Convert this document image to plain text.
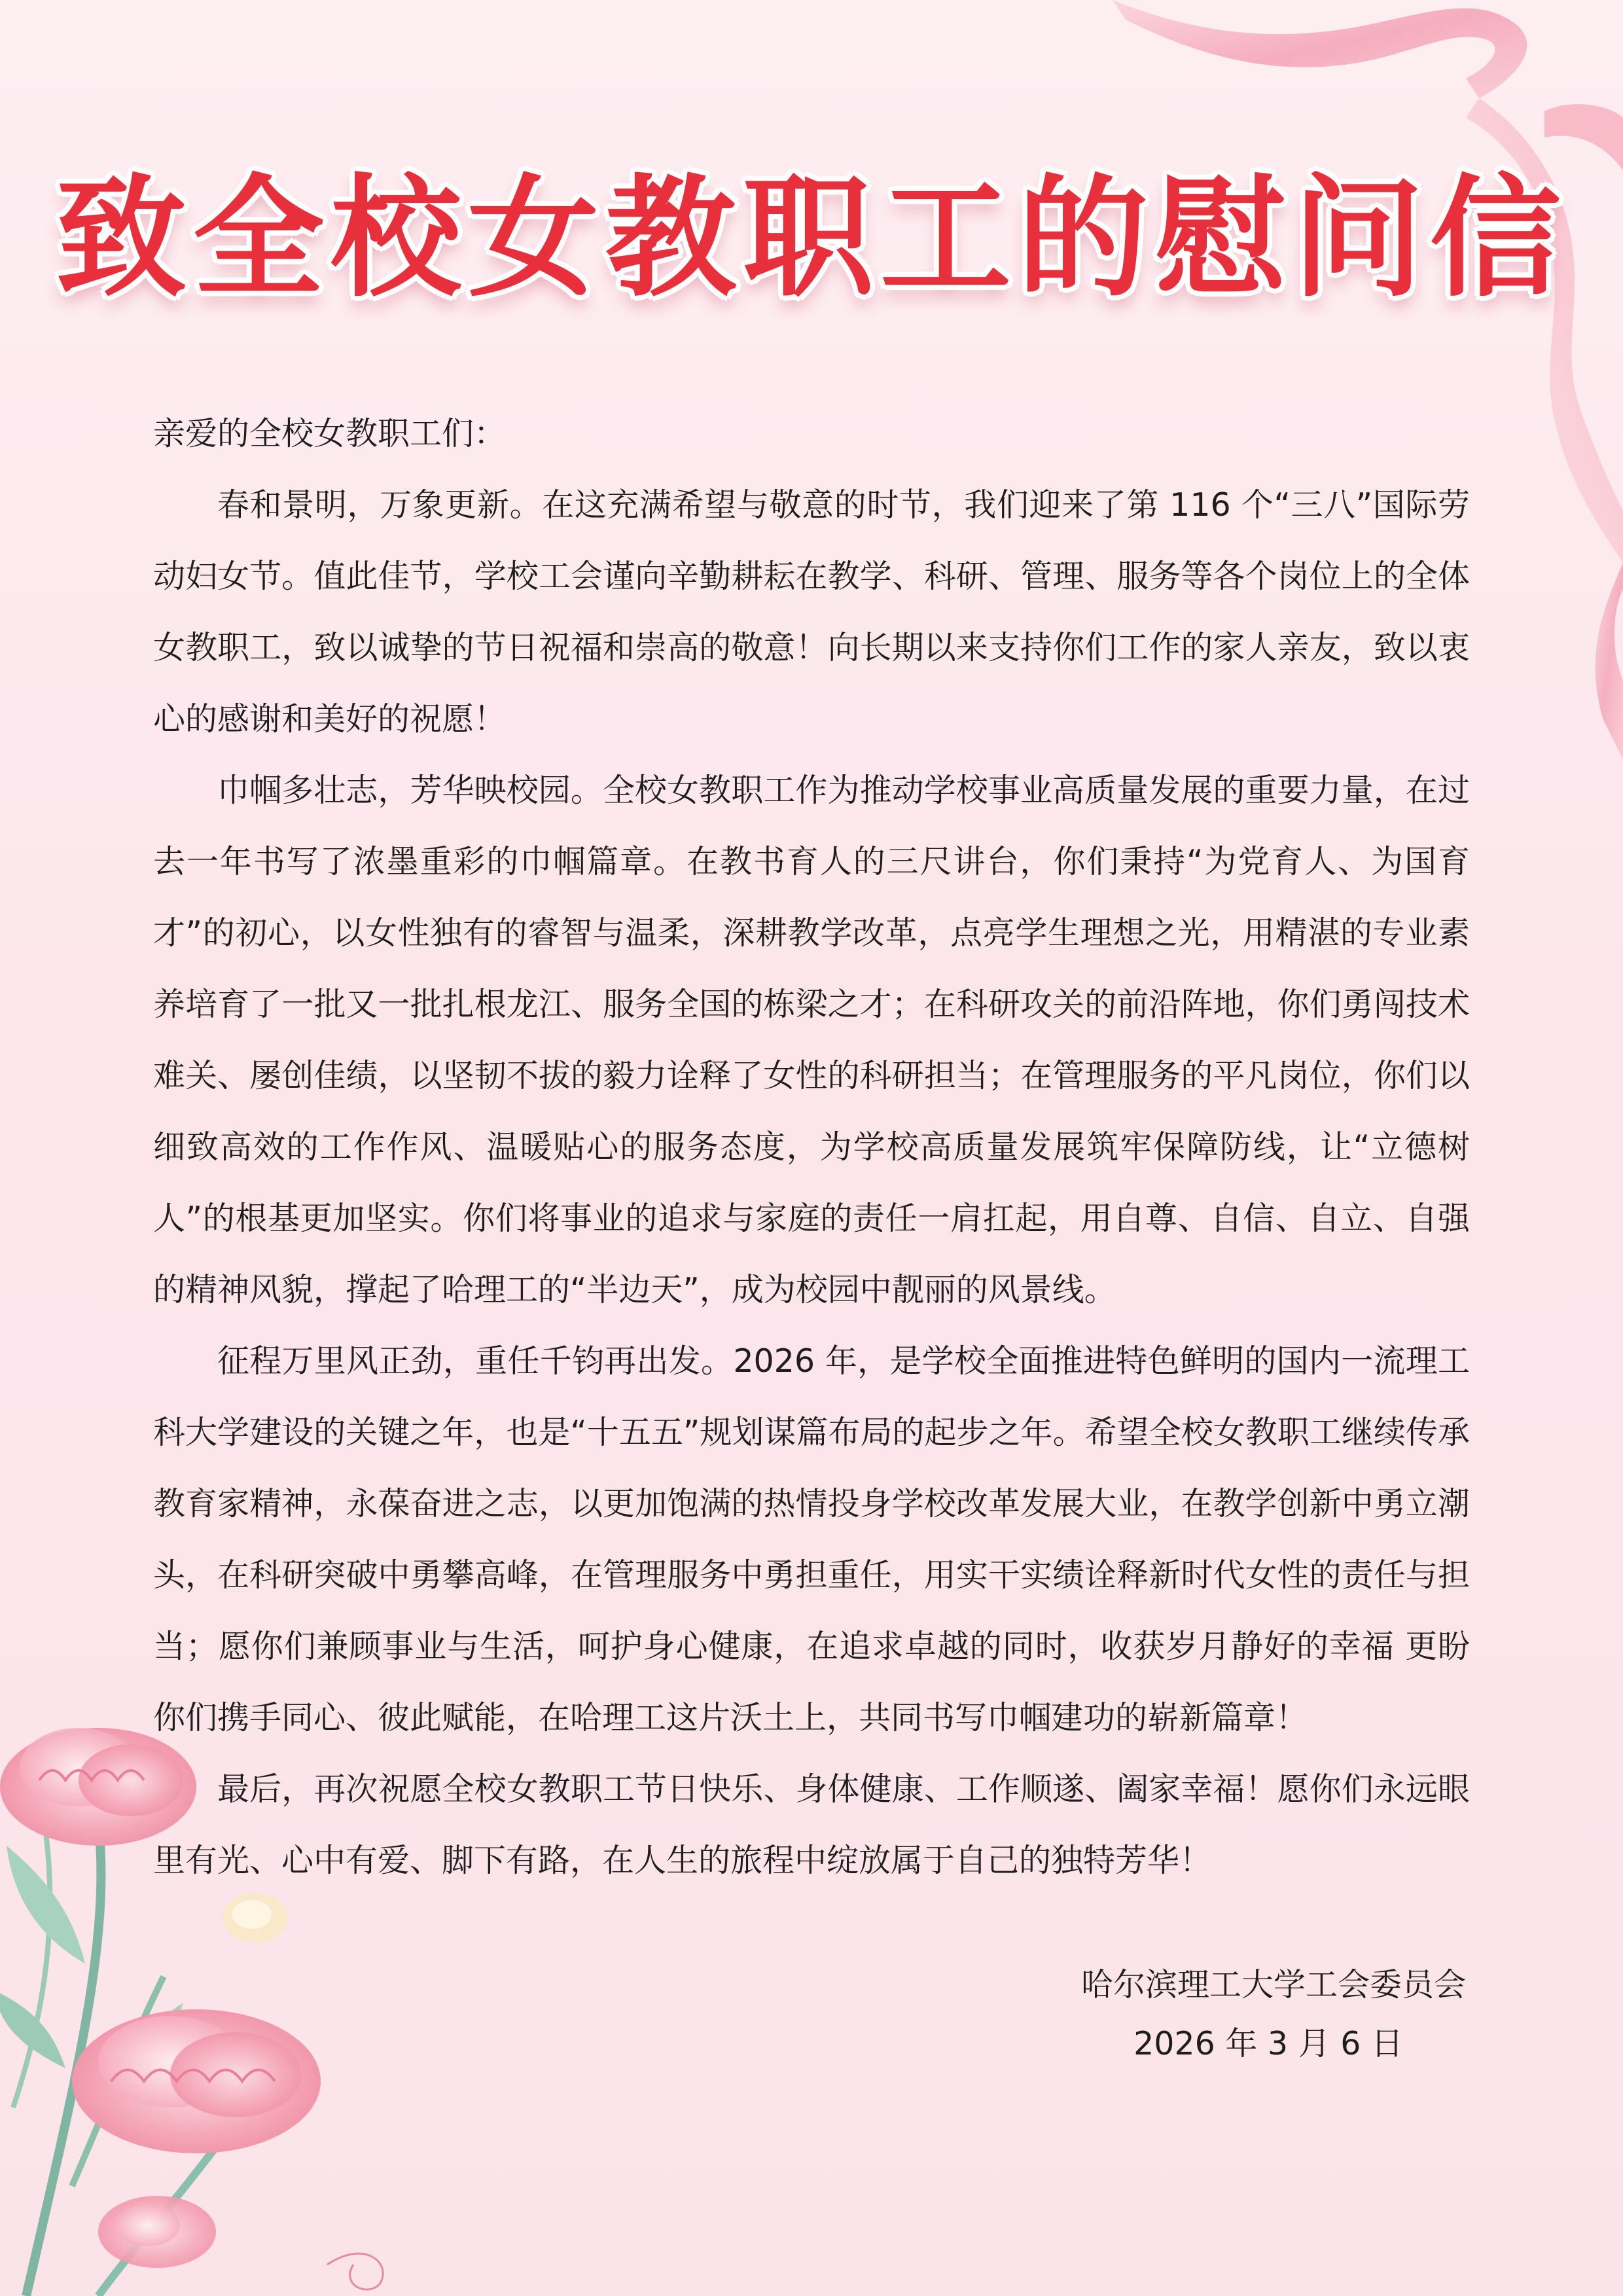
致全校女教职工的慰问信

亲爱的全校女教职工们：

春和景明，万象更新。在这充满希望与敬意的时节，我们迎来了第 116 个“三八”国际劳动妇女节。值此佳节，学校工会谨向辛勤耕耘在教学、科研、管理、服务等各个岗位上的全体女教职工，致以诚挚的节日祝福和崇高的敬意！向长期以来支持你们工作的家人亲友，致以衷心的感谢和美好的祝愿！

巾帼多壮志，芳华映校园。全校女教职工作为推动学校事业高质量发展的重要力量，在过去一年书写了浓墨重彩的巾帼篇章。在教书育人的三尺讲台，你们秉持“为党育人、为国育才”的初心，以女性独有的睿智与温柔，深耕教学改革，点亮学生理想之光，用精湛的专业素养培育了一批又一批扎根龙江、服务全国的栋梁之才；在科研攻关的前沿阵地，你们勇闯技术难关、屡创佳绩，以坚韧不拔的毅力诠释了女性的科研担当；在管理服务的平凡岗位，你们以细致高效的工作作风、温暖贴心的服务态度，为学校高质量发展筑牢保障防线，让“立德树人”的根基更加坚实。你们将事业的追求与家庭的责任一肩扛起，用自尊、自信、自立、自强的精神风貌，撑起了哈理工的“半边天”，成为校园中靓丽的风景线。

征程万里风正劲，重任千钧再出发。2026 年，是学校全面推进特色鲜明的国内一流理工科大学建设的关键之年，也是“十五五”规划谋篇布局的起步之年。希望全校女教职工继续传承教育家精神，永葆奋进之志，以更加饱满的热情投身学校改革发展大业，在教学创新中勇立潮头，在科研突破中勇攀高峰，在管理服务中勇担重任，用实干实绩诠释新时代女性的责任与担当；愿你们兼顾事业与生活，呵护身心健康，在追求卓越的同时，收获岁月静好的幸福 更盼你们携手同心、彼此赋能，在哈理工这片沃土上，共同书写巾帼建功的崭新篇章！

最后，再次祝愿全校女教职工节日快乐、身体健康、工作顺遂、阖家幸福！愿你们永远眼里有光、心中有爱、脚下有路，在人生的旅程中绽放属于自己的独特芳华！

哈尔滨理工大学工会委员会
2026 年 3 月 6 日
